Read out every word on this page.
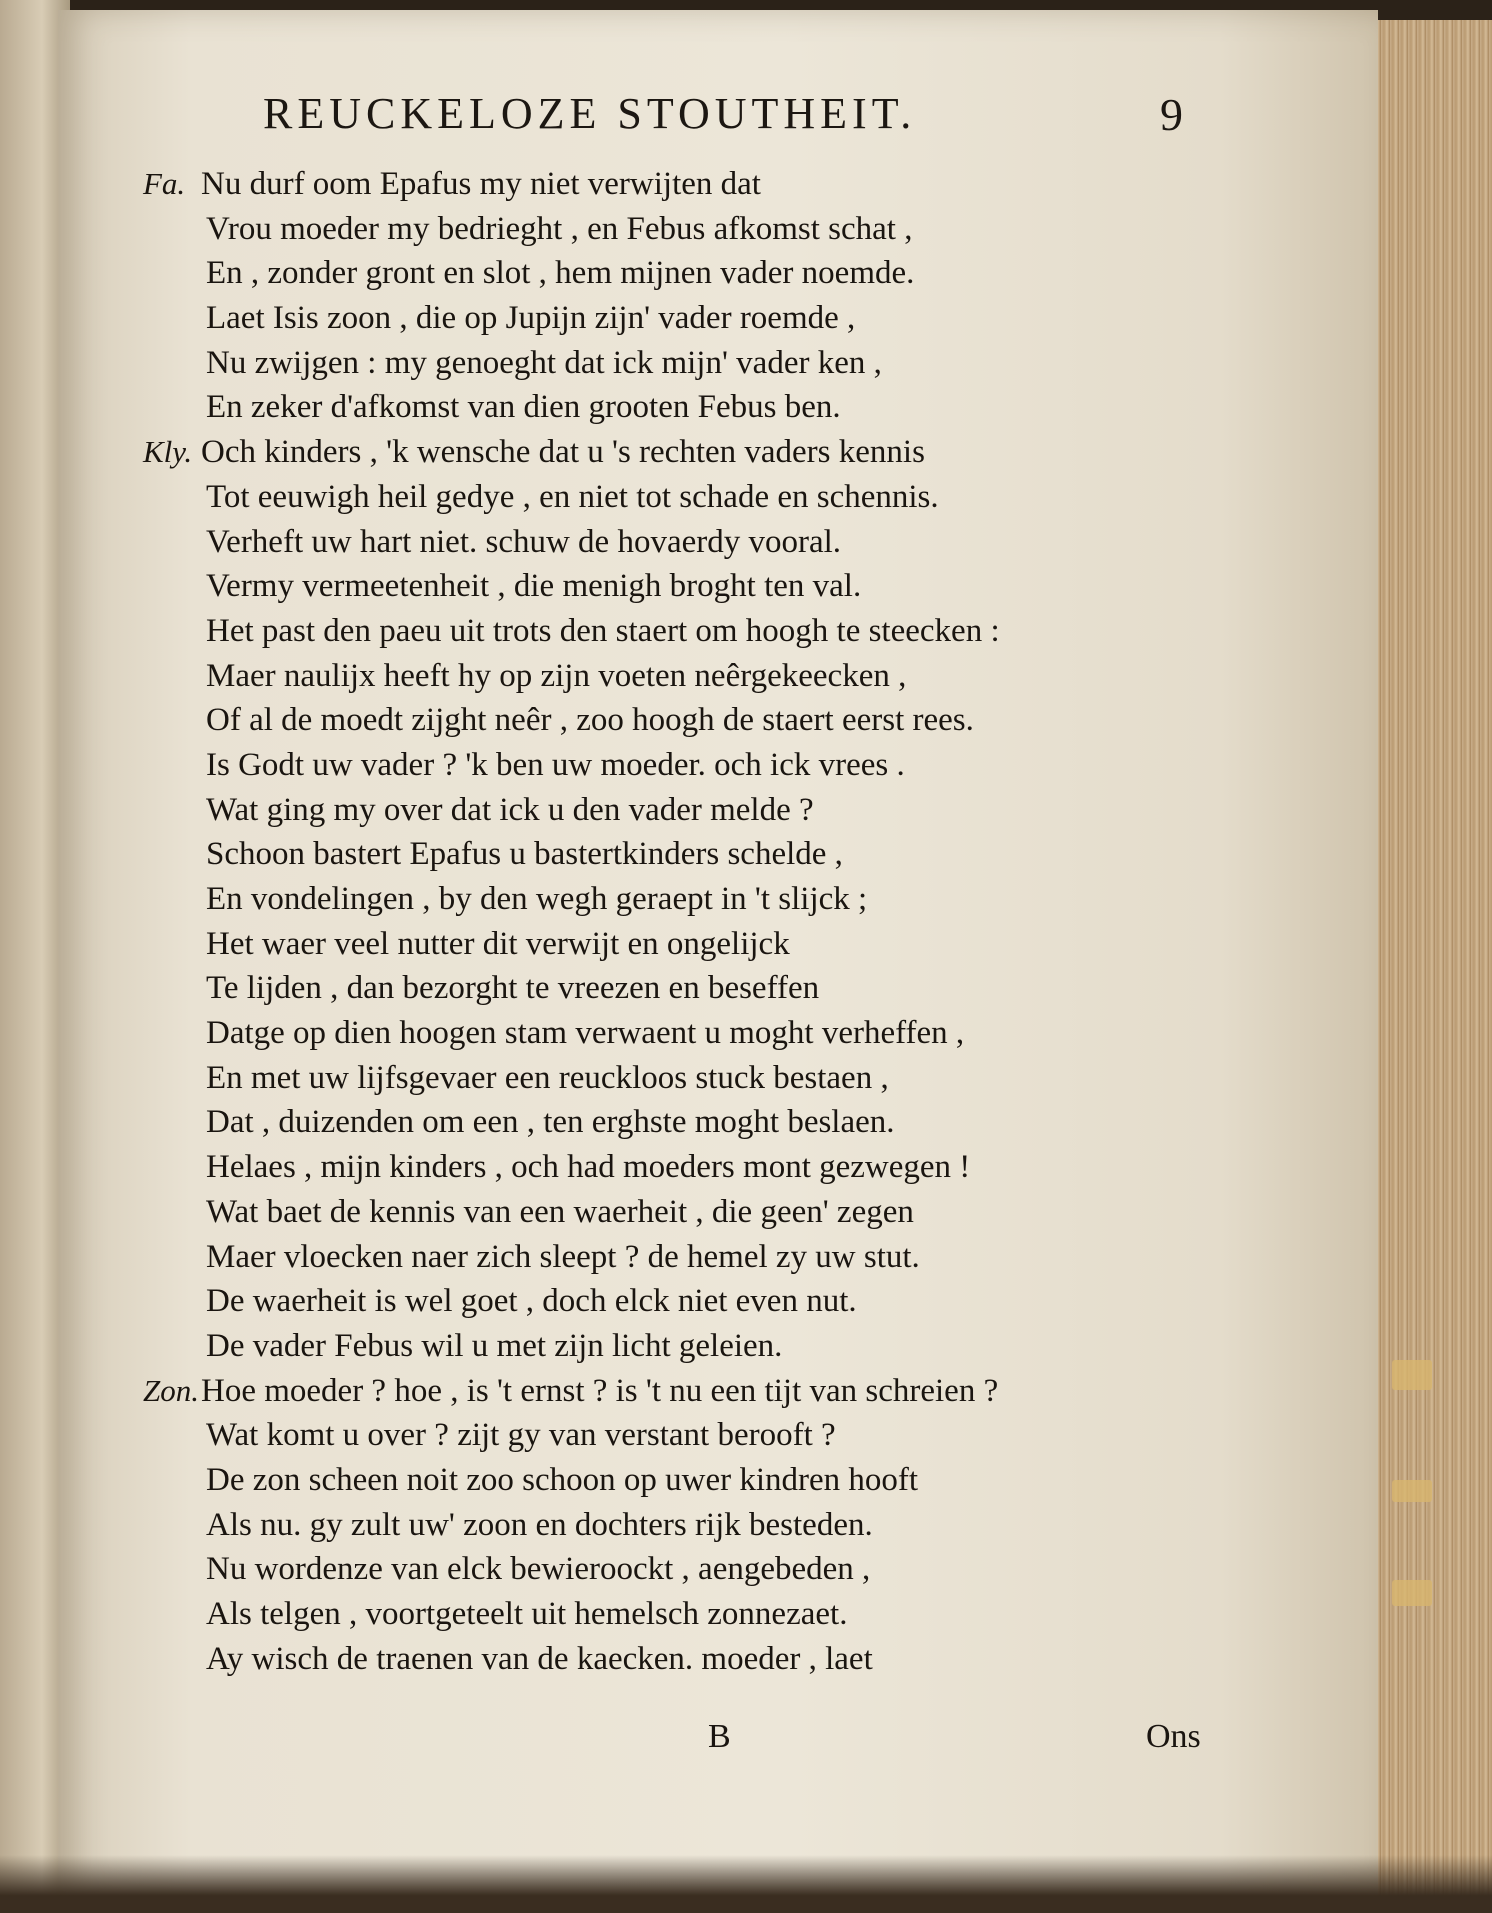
REUCKELOZE STOUTHEIT.	9
Fa. Nu durf oom Epafus my niet verwijten dat
Vrou moeder my bedrieght , en Febus afkomst schat ,
En , zonder gront en slot , hem mijnen vader noemde.
Laet Isis zoon , die op Jupijn zijn' vader roemde ,
Nu zwijgen : my genoeght dat ick mijn' vader ken ,
En zeker d'afkomst van dien grooten Febus ben.
Kly. Och kinders , 'k wensche dat u 's rechten vaders kennis
Tot eeuwigh heil gedye , en niet tot schade en schennis.
Verheft uw hart niet. schuw de hovaerdy vooral.
Vermy vermeetenheit , die menigh broght ten val.
Het past den paeu uit trots den staert om hoogh te steecken :
Maer naulijx heeft hy op zijn voeten neêrgekeecken ,
Of al de moedt zijght neêr , zoo hoogh de staert eerst rees.
Is Godt uw vader ? 'k ben uw moeder. och ick vrees .
Wat ging my over dat ick u den vader melde ?
Schoon bastert Epafus u bastertkinders schelde ,
En vondelingen , by den wegh geraept in 't slijck ;
Het waer veel nutter dit verwijt en ongelijck
Te lijden , dan bezorght te vreezen en beseffen
Datge op dien hoogen stam verwaent u moght verheffen ,
En met uw lijfsgevaer een reuckloos stuck bestaen ,
Dat , duizenden om een , ten erghste moght beslaen.
Helaes , mijn kinders , och had moeders mont gezwegen !
Wat baet de kennis van een waerheit , die geen' zegen
Maer vloecken naer zich sleept ? de hemel zy uw stut.
De waerheit is wel goet , doch elck niet even nut.
De vader Febus wil u met zijn licht geleien.
Zon. Hoe moeder ? hoe , is 't ernst ? is 't nu een tijt van schreien ?
Wat komt u over ? zijt gy van verstant berooft ?
De zon scheen noit zoo schoon op uwer kindren hooft
Als nu. gy zult uw' zoon en dochters rijk besteden.
Nu wordenze van elck bewieroockt , aengebeden ,
Als telgen , voortgeteelt uit hemelsch zonnezaet.
Ay wisch de traenen van de kaecken. moeder , laet
B	Ons
